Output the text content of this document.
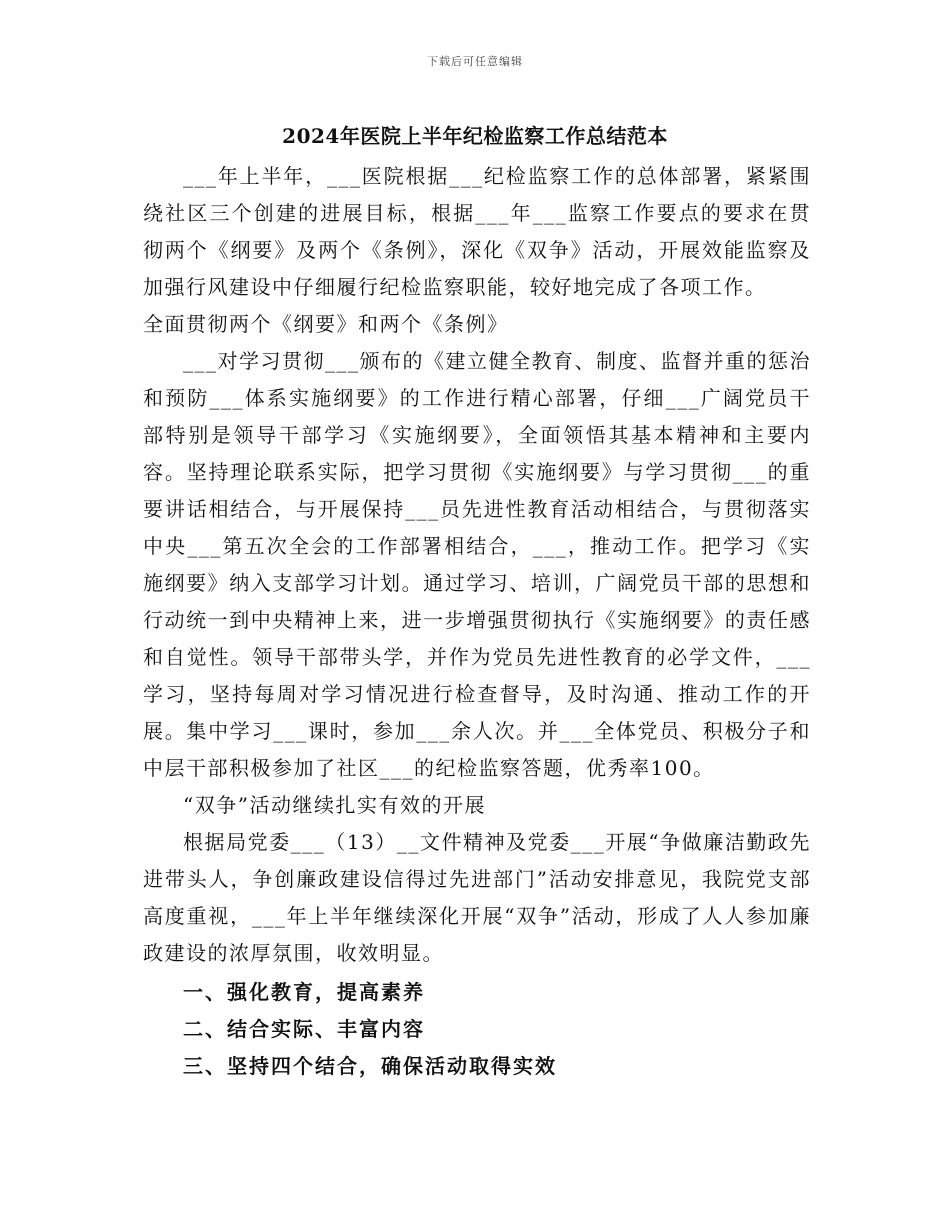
下载后可任意编辑
2024年医院上半年纪检监察工作总结范本

___年上半年，___医院根据___纪检监察工作的总体部署，紧紧围绕社区三个创建的进展目标，根据___年___监察工作要点的要求在贯彻两个《纲要》及两个《条例》，深化《双争》活动，开展效能监察及加强行风建设中仔细履行纪检监察职能，较好地完成了各项工作。

全面贯彻两个《纲要》和两个《条例》

___对学习贯彻___颁布的《建立健全教育、制度、监督并重的惩治和预防___体系实施纲要》的工作进行精心部署，仔细___广阔党员干部特别是领导干部学习《实施纲要》，全面领悟其基本精神和主要内容。坚持理论联系实际，把学习贯彻《实施纲要》与学习贯彻___的重要讲话相结合，与开展保持___员先进性教育活动相结合，与贯彻落实中央___第五次全会的工作部署相结合，___，推动工作。把学习《实施纲要》纳入支部学习计划。通过学习、培训，广阔党员干部的思想和行动统一到中央精神上来，进一步增强贯彻执行《实施纲要》的责任感和自觉性。领导干部带头学，并作为党员先进性教育的必学文件，___学习，坚持每周对学习情况进行检查督导，及时沟通、推动工作的开展。集中学习___课时，参加___余人次。并___全体党员、积极分子和中层干部积极参加了社区___的纪检监察答题，优秀率100。

“双争”活动继续扎实有效的开展

根据局党委___（13）__文件精神及党委___开展“争做廉洁勤政先进带头人，争创廉政建设信得过先进部门”活动安排意见，我院党支部高度重视，___年上半年继续深化开展“双争”活动，形成了人人参加廉政建设的浓厚氛围，收效明显。

一、强化教育，提高素养

二、结合实际、丰富内容

三、坚持四个结合，确保活动取得实效
